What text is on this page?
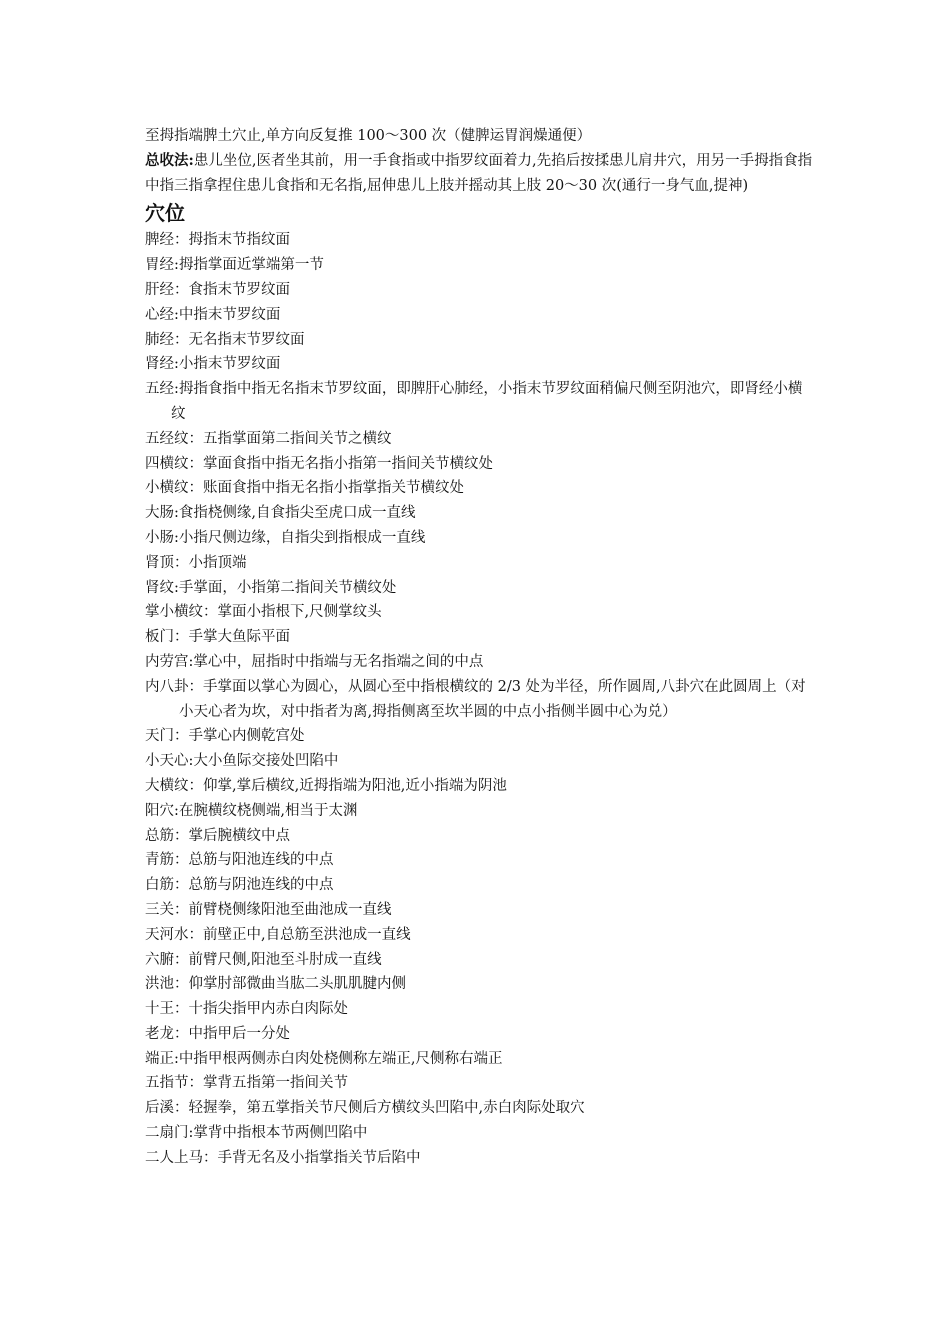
至拇指端脾土穴止,单方向反复推 100～300 次（健脾运胃润燥通便）

总收法:患儿坐位,医者坐其前，用一手食指或中指罗纹面着力,先掐后按揉患儿肩井穴，用另一手拇指食指中指三指拿捏住患儿食指和无名指,屈伸患儿上肢并摇动其上肢 20～30 次(通行一身气血,提神)

穴位

脾经：拇指末节指纹面

胃经:拇指掌面近掌端第一节

肝经：食指末节罗纹面

心经:中指末节罗纹面

肺经：无名指末节罗纹面

肾经:小指末节罗纹面

五经:拇指食指中指无名指末节罗纹面，即脾肝心肺经，小指末节罗纹面稍偏尺侧至阴池穴，即肾经小横纹

五经纹：五指掌面第二指间关节之横纹

四横纹：掌面食指中指无名指小指第一指间关节横纹处

小横纹：账面食指中指无名指小指掌指关节横纹处

大肠:食指桡侧缘,自食指尖至虎口成一直线

小肠:小指尺侧边缘，自指尖到指根成一直线

肾顶：小指顶端

肾纹:手掌面，小指第二指间关节横纹处

掌小横纹：掌面小指根下,尺侧掌纹头

板门：手掌大鱼际平面

内劳宫:掌心中，屈指时中指端与无名指端之间的中点

内八卦：手掌面以掌心为圆心，从圆心至中指根横纹的 2/3 处为半径，所作圆周,八卦穴在此圆周上（对小天心者为坎，对中指者为离,拇指侧离至坎半圆的中点小指侧半圆中心为兑）

天门：手掌心内侧乾宫处

小天心:大小鱼际交接处凹陷中

大横纹：仰掌,掌后横纹,近拇指端为阳池,近小指端为阴池

阳穴:在腕横纹桡侧端,相当于太渊

总筋：掌后腕横纹中点

青筋：总筋与阳池连线的中点

白筋：总筋与阴池连线的中点

三关：前臂桡侧缘阳池至曲池成一直线

天河水：前壁正中,自总筋至洪池成一直线

六腑：前臂尺侧,阳池至斗肘成一直线

洪池：仰掌肘部微曲当肱二头肌肌腱内侧

十王：十指尖指甲内赤白肉际处

老龙：中指甲后一分处

端正:中指甲根两侧赤白肉处桡侧称左端正,尺侧称右端正

五指节：掌背五指第一指间关节

后溪：轻握拳，第五掌指关节尺侧后方横纹头凹陷中,赤白肉际处取穴

二扇门:掌背中指根本节两侧凹陷中

二人上马：手背无名及小指掌指关节后陷中
